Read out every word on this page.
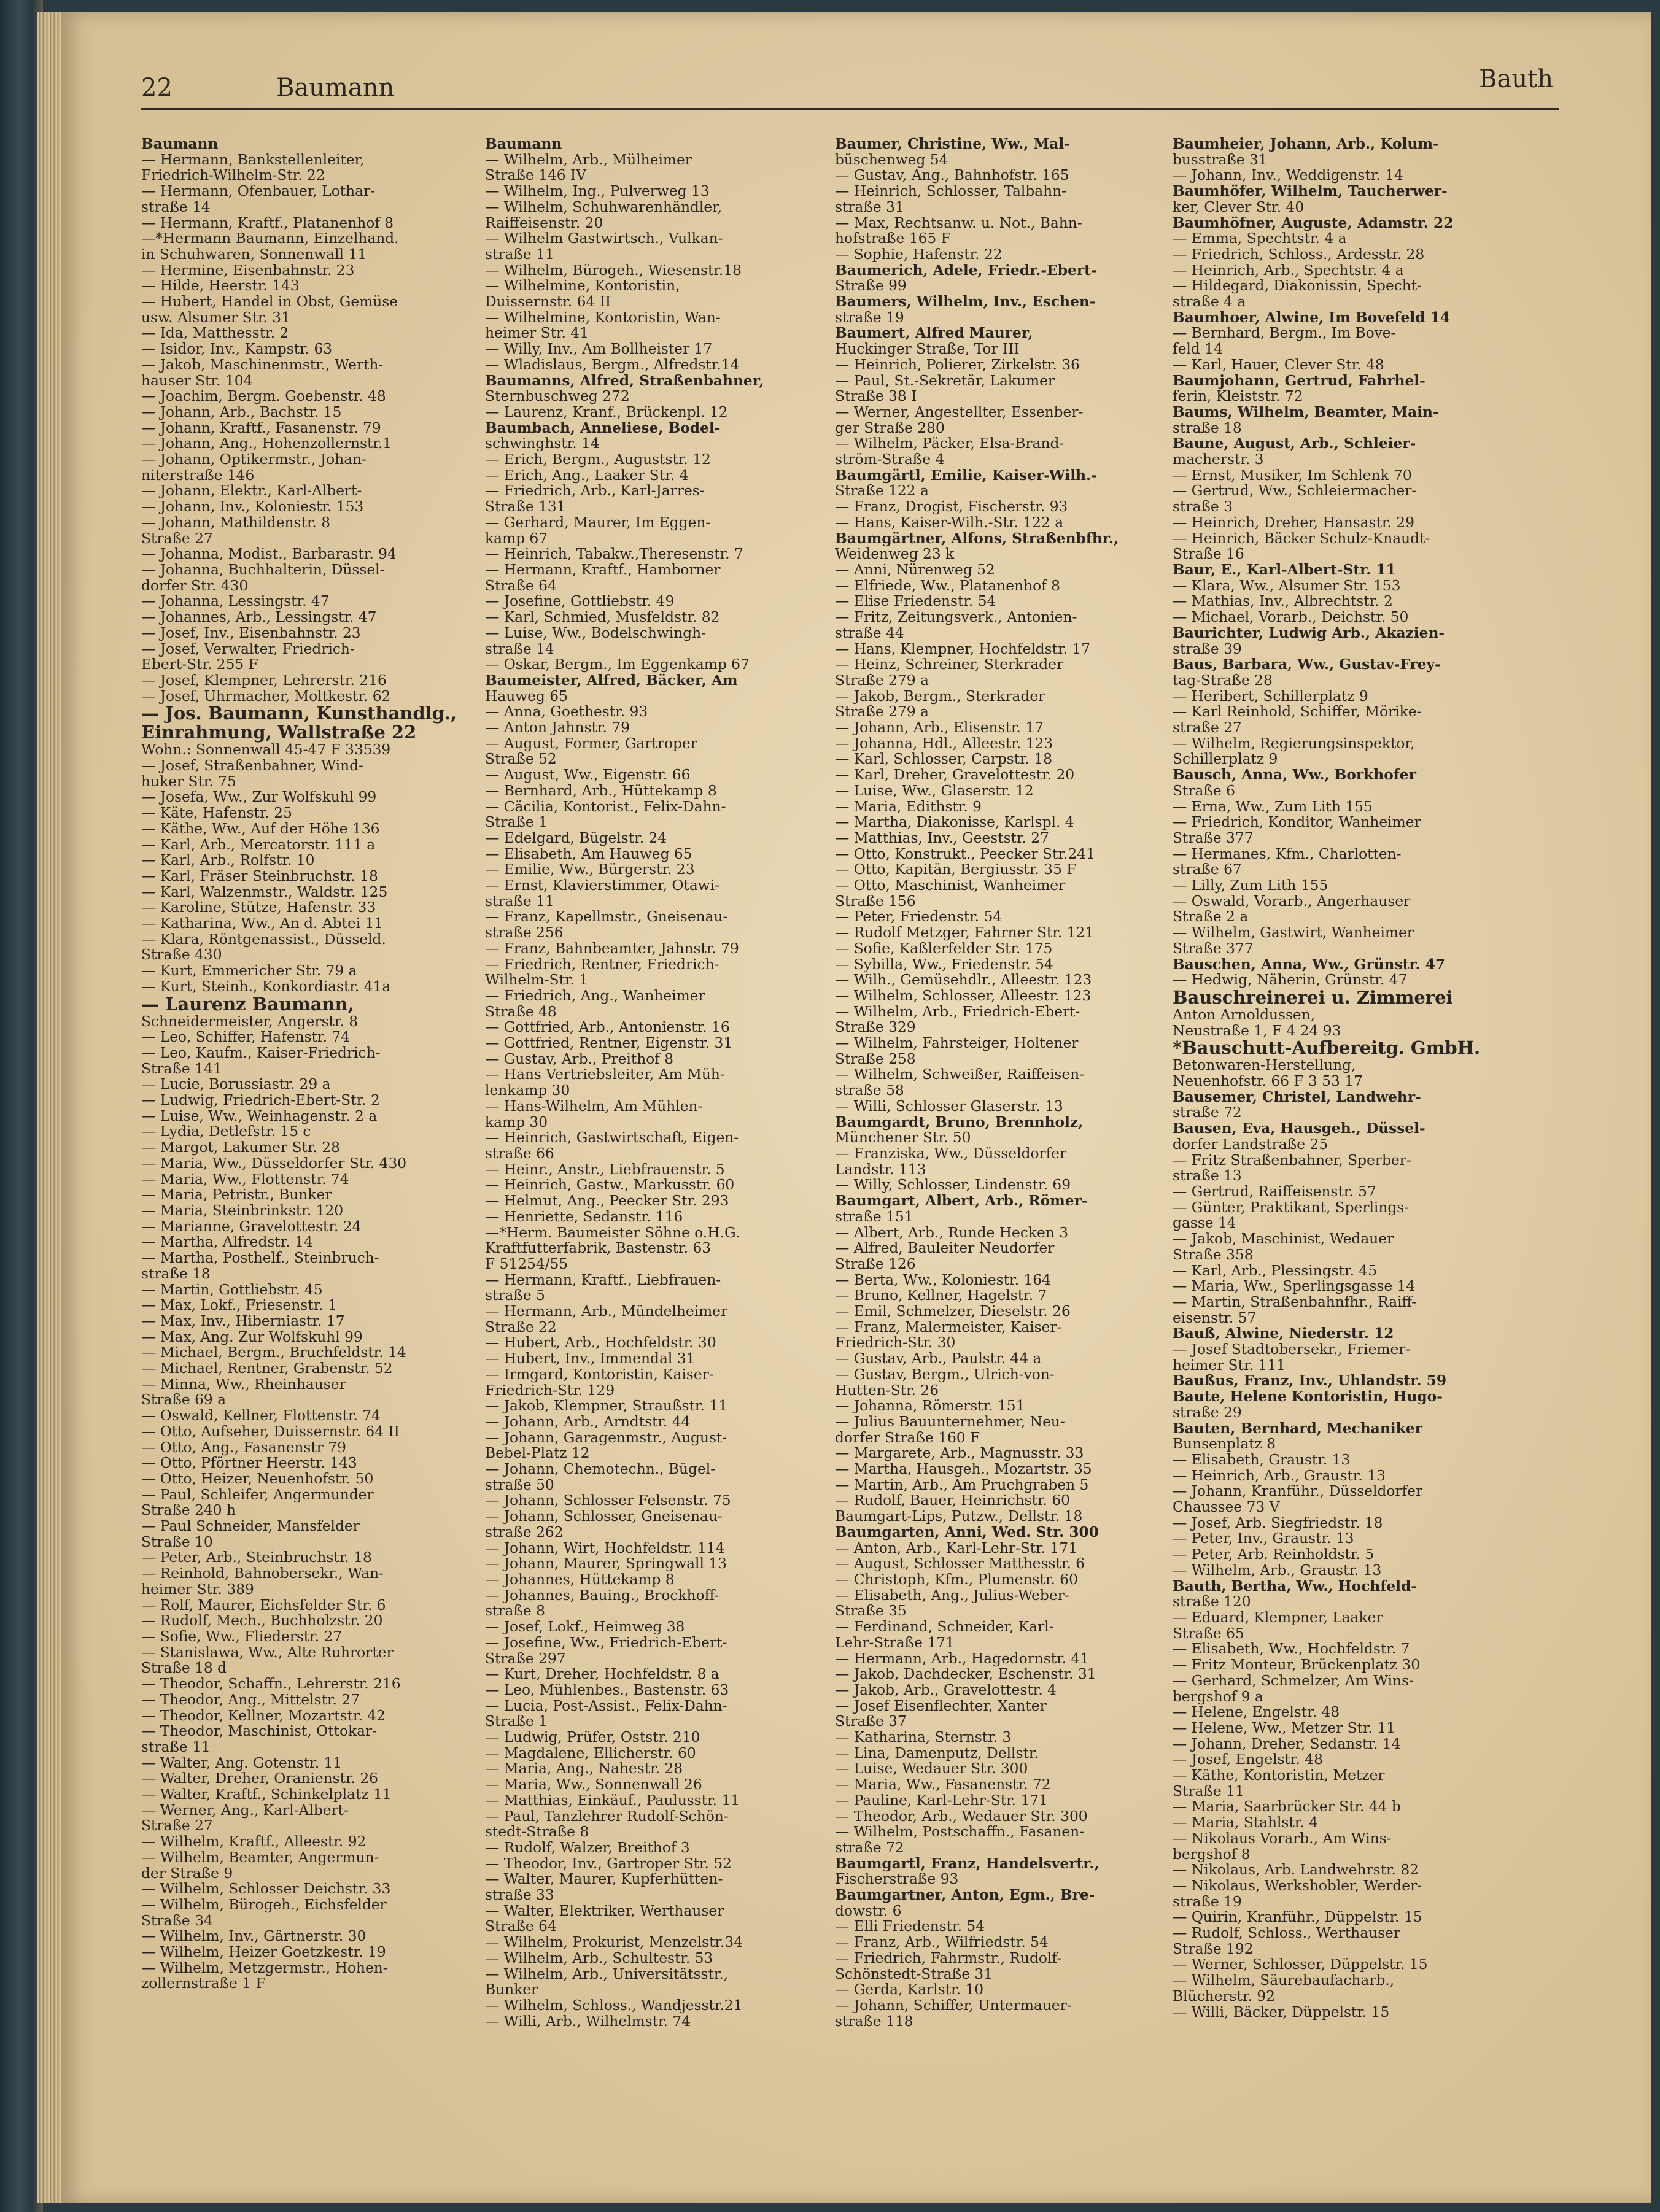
22	Baumann	Bauth
Baumann
— Hermann, Bankstellenleiter,
Friedrich-Wilhelm-Str. 22
— Hermann, Ofenbauer, Lothar-
straße 14
— Hermann, Kraftf., Platanenhof 8
—*Hermann Baumann, Einzelhand.
in Schuhwaren, Sonnenwall 11
— Hermine, Eisenbahnstr. 23
— Hilde, Heerstr. 143
— Hubert, Handel in Obst, Gemüse
usw. Alsumer Str. 31
— Ida, Matthesstr. 2
— Isidor, Inv., Kampstr. 63
— Jakob, Maschinenmstr., Werth-
hauser Str. 104
— Joachim, Bergm. Goebenstr. 48
— Johann, Arb., Bachstr. 15
— Johann, Kraftf., Fasanenstr. 79
— Johann, Ang., Hohenzollernstr.1
— Johann, Optikermstr., Johan-
niterstraße 146
— Johann, Elektr., Karl-Albert-
— Johann, Inv., Koloniestr. 153
— Johann, Mathildenstr. 8
Straße 27
— Johanna, Modist., Barbarastr. 94
— Johanna, Buchhalterin, Düssel-
dorfer Str. 430
— Johanna, Lessingstr. 47
— Johannes, Arb., Lessingstr. 47
— Josef, Inv., Eisenbahnstr. 23
— Josef, Verwalter, Friedrich-
Ebert-Str. 255 F
— Josef, Klempner, Lehrerstr. 216
— Josef, Uhrmacher, Moltkestr. 62
— Jos. Baumann, Kunsthandlg.,
Einrahmung, Wallstraße 22
Wohn.: Sonnenwall 45-47 F 33539
— Josef, Straßenbahner, Wind-
huker Str. 75
— Josefa, Ww., Zur Wolfskuhl 99
— Käte, Hafenstr. 25
— Käthe, Ww., Auf der Höhe 136
— Karl, Arb., Mercatorstr. 111 a
— Karl, Arb., Rolfstr. 10
— Karl, Fräser Steinbruchstr. 18
— Karl, Walzenmstr., Waldstr. 125
— Karoline, Stütze, Hafenstr. 33
— Katharina, Ww., An d. Abtei 11
— Klara, Röntgenassist., Düsseld.
Straße 430
— Kurt, Emmericher Str. 79 a
— Kurt, Steinh., Konkordiastr. 41a
— Laurenz Baumann,
Schneidermeister, Angerstr. 8
— Leo, Schiffer, Hafenstr. 74
— Leo, Kaufm., Kaiser-Friedrich-
Straße 141
— Lucie, Borussiastr. 29 a
— Ludwig, Friedrich-Ebert-Str. 2
— Luise, Ww., Weinhagenstr. 2 a
— Lydia, Detlefstr. 15 c
— Margot, Lakumer Str. 28
— Maria, Ww., Düsseldorfer Str. 430
— Maria, Ww., Flottenstr. 74
— Maria, Petristr., Bunker
— Maria, Steinbrinkstr. 120
— Marianne, Gravelottestr. 24
— Martha, Alfredstr. 14
— Martha, Posthelf., Steinbruch-
straße 18
— Martin, Gottliebstr. 45
— Max, Lokf., Friesenstr. 1
— Max, Inv., Hiberniastr. 17
— Max, Ang. Zur Wolfskuhl 99
— Michael, Bergm., Bruchfeldstr. 14
— Michael, Rentner, Grabenstr. 52
— Minna, Ww., Rheinhauser
Straße 69 a
— Oswald, Kellner, Flottenstr. 74
— Otto, Aufseher, Duissernstr. 64 II
— Otto, Ang., Fasanenstr 79
— Otto, Pförtner Heerstr. 143
— Otto, Heizer, Neuenhofstr. 50
— Paul, Schleifer, Angermunder
Straße 240 h
— Paul Schneider, Mansfelder
Straße 10
— Peter, Arb., Steinbruchstr. 18
— Reinhold, Bahnobersekr., Wan-
heimer Str. 389
— Rolf, Maurer, Eichsfelder Str. 6
— Rudolf, Mech., Buchholzstr. 20
— Sofie, Ww., Fliederstr. 27
— Stanislawa, Ww., Alte Ruhrorter
Straße 18 d
— Theodor, Schaffn., Lehrerstr. 216
— Theodor, Ang., Mittelstr. 27
— Theodor, Kellner, Mozartstr. 42
— Theodor, Maschinist, Ottokar-
straße 11
— Walter, Ang. Gotenstr. 11
— Walter, Dreher, Oranienstr. 26
— Walter, Kraftf., Schinkelplatz 11
— Werner, Ang., Karl-Albert-
Straße 27
— Wilhelm, Kraftf., Alleestr. 92
— Wilhelm, Beamter, Angermun-
der Straße 9
— Wilhelm, Schlosser Deichstr. 33
— Wilhelm, Bürogeh., Eichsfelder
Straße 34
— Wilhelm, Inv., Gärtnerstr. 30
— Wilhelm, Heizer Goetzkestr. 19
— Wilhelm, Metzgermstr., Hohen-
zollernstraße 1 F
Baumann
— Wilhelm, Arb., Mülheimer
Straße 146 IV
— Wilhelm, Ing., Pulverweg 13
— Wilhelm, Schuhwarenhändler,
Raiffeisenstr. 20
— Wilhelm Gastwirtsch., Vulkan-
straße 11
— Wilhelm, Bürogeh., Wiesenstr.18
— Wilhelmine, Kontoristin,
Duissernstr. 64 II
— Wilhelmine, Kontoristin, Wan-
heimer Str. 41
— Willy, Inv., Am Bollheister 17
— Wladislaus, Bergm., Alfredstr.14
Baumanns, Alfred, Straßenbahner,
Sternbuschweg 272
— Laurenz, Kranf., Brückenpl. 12
Baumbach, Anneliese, Bodel-
schwinghstr. 14
— Erich, Bergm., Auguststr. 12
— Erich, Ang., Laaker Str. 4
— Friedrich, Arb., Karl-Jarres-
Straße 131
— Gerhard, Maurer, Im Eggen-
kamp 67
— Heinrich, Tabakw.,Theresenstr. 7
— Hermann, Kraftf., Hamborner
Straße 64
— Josefine, Gottliebstr. 49
— Karl, Schmied, Musfeldstr. 82
— Luise, Ww., Bodelschwingh-
straße 14
— Oskar, Bergm., Im Eggenkamp 67
Baumeister, Alfred, Bäcker, Am
Hauweg 65
— Anna, Goethestr. 93
— Anton Jahnstr. 79
— August, Former, Gartroper
Straße 52
— August, Ww., Eigenstr. 66
— Bernhard, Arb., Hüttekamp 8
— Cäcilia, Kontorist., Felix-Dahn-
Straße 1
— Edelgard, Bügelstr. 24
— Elisabeth, Am Hauweg 65
— Emilie, Ww., Bürgerstr. 23
— Ernst, Klavierstimmer, Otawi-
straße 11
— Franz, Kapellmstr., Gneisenau-
straße 256
— Franz, Bahnbeamter, Jahnstr. 79
— Friedrich, Rentner, Friedrich-
Wilhelm-Str. 1
— Friedrich, Ang., Wanheimer
Straße 48
— Gottfried, Arb., Antonienstr. 16
— Gottfried, Rentner, Eigenstr. 31
— Gustav, Arb., Preithof 8
— Hans Vertriebsleiter, Am Müh-
lenkamp 30
— Hans-Wilhelm, Am Mühlen-
kamp 30
— Heinrich, Gastwirtschaft, Eigen-
straße 66
— Heinr., Anstr., Liebfrauenstr. 5
— Heinrich, Gastw., Markusstr. 60
— Helmut, Ang., Peecker Str. 293
— Henriette, Sedanstr. 116
—*Herm. Baumeister Söhne o.H.G.
Kraftfutterfabrik, Bastenstr. 63
F 51254/55
— Hermann, Kraftf., Liebfrauen-
straße 5
— Hermann, Arb., Mündelheimer
Straße 22
— Hubert, Arb., Hochfeldstr. 30
— Hubert, Inv., Immendal 31
— Irmgard, Kontoristin, Kaiser-
Friedrich-Str. 129
— Jakob, Klempner, Straußstr. 11
— Johann, Arb., Arndtstr. 44
— Johann, Garagenmstr., August-
Bebel-Platz 12
— Johann, Chemotechn., Bügel-
straße 50
— Johann, Schlosser Felsenstr. 75
— Johann, Schlosser, Gneisenau-
straße 262
— Johann, Wirt, Hochfeldstr. 114
— Johann, Maurer, Springwall 13
— Johannes, Hüttekamp 8
— Johannes, Bauing., Brockhoff-
straße 8
— Josef, Lokf., Heimweg 38
— Josefine, Ww., Friedrich-Ebert-
Straße 297
— Kurt, Dreher, Hochfeldstr. 8 a
— Leo, Mühlenbes., Bastenstr. 63
— Lucia, Post-Assist., Felix-Dahn-
Straße 1
— Ludwig, Prüfer, Oststr. 210
— Magdalene, Ellicherstr. 60
— Maria, Ang., Nahestr. 28
— Maria, Ww., Sonnenwall 26
— Matthias, Einkäuf., Paulusstr. 11
— Paul, Tanzlehrer Rudolf-Schön-
stedt-Straße 8
— Rudolf, Walzer, Breithof 3
— Theodor, Inv., Gartroper Str. 52
— Walter, Maurer, Kupferhütten-
straße 33
— Walter, Elektriker, Werthauser
Straße 64
— Wilhelm, Prokurist, Menzelstr.34
— Wilhelm, Arb., Schultestr. 53
— Wilhelm, Arb., Universitätsstr.,
Bunker
— Wilhelm, Schloss., Wandjesstr.21
— Willi, Arb., Wilhelmstr. 74
Baumer, Christine, Ww., Mal-
büschenweg 54
— Gustav, Ang., Bahnhofstr. 165
— Heinrich, Schlosser, Talbahn-
straße 31
— Max, Rechtsanw. u. Not., Bahn-
hofstraße 165 F
— Sophie, Hafenstr. 22
Baumerich, Adele, Friedr.-Ebert-
Straße 99
Baumers, Wilhelm, Inv., Eschen-
straße 19
Baumert, Alfred Maurer,
Huckinger Straße, Tor III
— Heinrich, Polierer, Zirkelstr. 36
— Paul, St.-Sekretär, Lakumer
Straße 38 I
— Werner, Angestellter, Essenber-
ger Straße 280
— Wilhelm, Päcker, Elsa-Brand-
ström-Straße 4
Baumgärtl, Emilie, Kaiser-Wilh.-
Straße 122 a
— Franz, Drogist, Fischerstr. 93
— Hans, Kaiser-Wilh.-Str. 122 a
Baumgärtner, Alfons, Straßenbfhr.,
Weidenweg 23 k
— Anni, Nürenweg 52
— Elfriede, Ww., Platanenhof 8
— Elise Friedenstr. 54
— Fritz, Zeitungsverk., Antonien-
straße 44
— Hans, Klempner, Hochfeldstr. 17
— Heinz, Schreiner, Sterkrader
Straße 279 a
— Jakob, Bergm., Sterkrader
Straße 279 a
— Johann, Arb., Elisenstr. 17
— Johanna, Hdl., Alleestr. 123
— Karl, Schlosser, Carpstr. 18
— Karl, Dreher, Gravelottestr. 20
— Luise, Ww., Glaserstr. 12
— Maria, Edithstr. 9
— Martha, Diakonisse, Karlspl. 4
— Matthias, Inv., Geeststr. 27
— Otto, Konstrukt., Peecker Str.241
— Otto, Kapitän, Bergiusstr. 35 F
— Otto, Maschinist, Wanheimer
Straße 156
— Peter, Friedenstr. 54
— Rudolf Metzger, Fahrner Str. 121
— Sofie, Kaßlerfelder Str. 175
— Sybilla, Ww., Friedenstr. 54
— Wilh., Gemüsehdlr., Alleestr. 123
— Wilhelm, Schlosser, Alleestr. 123
— Wilhelm, Arb., Friedrich-Ebert-
Straße 329
— Wilhelm, Fahrsteiger, Holtener
Straße 258
— Wilhelm, Schweißer, Raiffeisen-
straße 58
— Willi, Schlosser Glaserstr. 13
Baumgardt, Bruno, Brennholz,
Münchener Str. 50
— Franziska, Ww., Düsseldorfer
Landstr. 113
— Willy, Schlosser, Lindenstr. 69
Baumgart, Albert, Arb., Römer-
straße 151
— Albert, Arb., Runde Hecken 3
— Alfred, Bauleiter Neudorfer
Straße 126
— Berta, Ww., Koloniestr. 164
— Bruno, Kellner, Hagelstr. 7
— Emil, Schmelzer, Dieselstr. 26
— Franz, Malermeister, Kaiser-
Friedrich-Str. 30
— Gustav, Arb., Paulstr. 44 a
— Gustav, Bergm., Ulrich-von-
Hutten-Str. 26
— Johanna, Römerstr. 151
— Julius Bauunternehmer, Neu-
dorfer Straße 160 F
— Margarete, Arb., Magnusstr. 33
— Martha, Hausgeh., Mozartstr. 35
— Martin, Arb., Am Pruchgraben 5
— Rudolf, Bauer, Heinrichstr. 60
Baumgart-Lips, Putzw., Dellstr. 18
Baumgarten, Anni, Wed. Str. 300
— Anton, Arb., Karl-Lehr-Str. 171
— August, Schlosser Matthesstr. 6
— Christoph, Kfm., Plumenstr. 60
— Elisabeth, Ang., Julius-Weber-
Straße 35
— Ferdinand, Schneider, Karl-
Lehr-Straße 171
— Hermann, Arb., Hagedornstr. 41
— Jakob, Dachdecker, Eschenstr. 31
— Jakob, Arb., Gravelottestr. 4
— Josef Eisenflechter, Xanter
Straße 37
— Katharina, Sternstr. 3
— Lina, Damenputz, Dellstr.
— Luise, Wedauer Str. 300
— Maria, Ww., Fasanenstr. 72
— Pauline, Karl-Lehr-Str. 171
— Theodor, Arb., Wedauer Str. 300
— Wilhelm, Postschaffn., Fasanen-
straße 72
Baumgartl, Franz, Handelsvertr.,
Fischerstraße 93
Baumgartner, Anton, Egm., Bre-
dowstr. 6
— Elli Friedenstr. 54
— Franz, Arb., Wilfriedstr. 54
— Friedrich, Fahrmstr., Rudolf-
Schönstedt-Straße 31
— Gerda, Karlstr. 10
— Johann, Schiffer, Untermauer-
straße 118
Baumheier, Johann, Arb., Kolum-
busstraße 31
— Johann, Inv., Weddigenstr. 14
Baumhöfer, Wilhelm, Taucherwer-
ker, Clever Str. 40
Baumhöfner, Auguste, Adamstr. 22
— Emma, Spechtstr. 4 a
— Friedrich, Schloss., Ardesstr. 28
— Heinrich, Arb., Spechtstr. 4 a
— Hildegard, Diakonissin, Specht-
straße 4 a
Baumhoer, Alwine, Im Bovefeld 14
— Bernhard, Bergm., Im Bove-
feld 14
— Karl, Hauer, Clever Str. 48
Baumjohann, Gertrud, Fahrhel-
ferin, Kleiststr. 72
Baums, Wilhelm, Beamter, Main-
straße 18
Baune, August, Arb., Schleier-
macherstr. 3
— Ernst, Musiker, Im Schlenk 70
— Gertrud, Ww., Schleiermacher-
straße 3
— Heinrich, Dreher, Hansastr. 29
— Heinrich, Bäcker Schulz-Knaudt-
Straße 16
Baur, E., Karl-Albert-Str. 11
— Klara, Ww., Alsumer Str. 153
— Mathias, Inv., Albrechtstr. 2
— Michael, Vorarb., Deichstr. 50
Baurichter, Ludwig Arb., Akazien-
straße 39
Baus, Barbara, Ww., Gustav-Frey-
tag-Straße 28
— Heribert, Schillerplatz 9
— Karl Reinhold, Schiffer, Mörike-
straße 27
— Wilhelm, Regierungsinspektor,
Schillerplatz 9
Bausch, Anna, Ww., Borkhofer
Straße 6
— Erna, Ww., Zum Lith 155
— Friedrich, Konditor, Wanheimer
Straße 377
— Hermanes, Kfm., Charlotten-
straße 67
— Lilly, Zum Lith 155
— Oswald, Vorarb., Angerhauser
Straße 2 a
— Wilhelm, Gastwirt, Wanheimer
Straße 377
Bauschen, Anna, Ww., Grünstr. 47
— Hedwig, Näherin, Grünstr. 47
Bauschreinerei u. Zimmerei
Anton Arnoldussen,
Neustraße 1, F 4 24 93
*Bauschutt-Aufbereitg. GmbH.
Betonwaren-Herstellung,
Neuenhofstr. 66 F 3 53 17
Bausemer, Christel, Landwehr-
straße 72
Bausen, Eva, Hausgeh., Düssel-
dorfer Landstraße 25
— Fritz Straßenbahner, Sperber-
straße 13
— Gertrud, Raiffeisenstr. 57
— Günter, Praktikant, Sperlings-
gasse 14
— Jakob, Maschinist, Wedauer
Straße 358
— Karl, Arb., Plessingstr. 45
— Maria, Ww., Sperlingsgasse 14
— Martin, Straßenbahnfhr., Raiff-
eisenstr. 57
Bauß, Alwine, Niederstr. 12
— Josef Stadtobersekr., Friemer-
heimer Str. 111
Baußus, Franz, Inv., Uhlandstr. 59
Baute, Helene Kontoristin, Hugo-
straße 29
Bauten, Bernhard, Mechaniker
Bunsenplatz 8
— Elisabeth, Graustr. 13
— Heinrich, Arb., Graustr. 13
— Johann, Kranführ., Düsseldorfer
Chaussee 73 V
— Josef, Arb. Siegfriedstr. 18
— Peter, Inv., Graustr. 13
— Peter, Arb. Reinholdstr. 5
— Wilhelm, Arb., Graustr. 13
Bauth, Bertha, Ww., Hochfeld-
straße 120
— Eduard, Klempner, Laaker
Straße 65
— Elisabeth, Ww., Hochfeldstr. 7
— Fritz Monteur, Brückenplatz 30
— Gerhard, Schmelzer, Am Wins-
bergshof 9 a
— Helene, Engelstr. 48
— Helene, Ww., Metzer Str. 11
— Johann, Dreher, Sedanstr. 14
— Josef, Engelstr. 48
— Käthe, Kontoristin, Metzer
Straße 11
— Maria, Saarbrücker Str. 44 b
— Maria, Stahlstr. 4
— Nikolaus Vorarb., Am Wins-
bergshof 8
— Nikolaus, Arb. Landwehrstr. 82
— Nikolaus, Werkshobler, Werder-
straße 19
— Quirin, Kranführ., Düppelstr. 15
— Rudolf, Schloss., Werthauser
Straße 192
— Werner, Schlosser, Düppelstr. 15
— Wilhelm, Säurebaufacharb.,
Blücherstr. 92
— Willi, Bäcker, Düppelstr. 15
